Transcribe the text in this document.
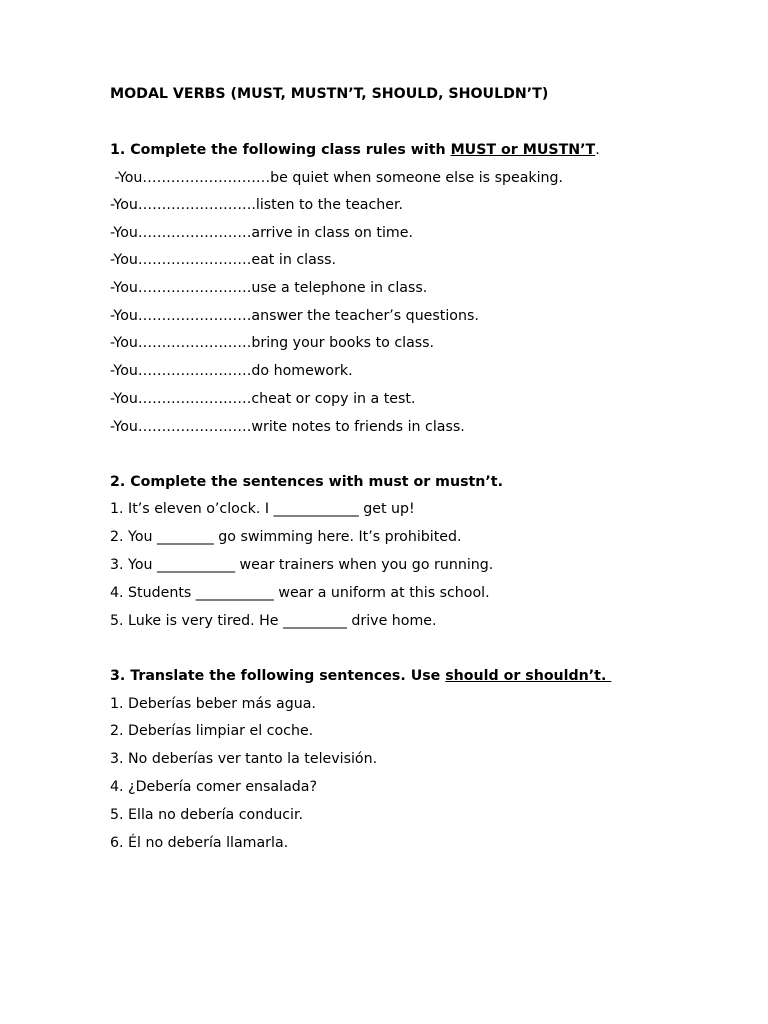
MODAL VERBS (MUST, MUSTN’T, SHOULD, SHOULDN’T)
1. Complete the following class rules with MUST or MUSTN’T.
-You………………………be quiet when someone else is speaking.
-You…………………….listen to the teacher.
-You……………………arrive in class on time.
-You……………………eat in class.
-You……………………use a telephone in class.
-You……………………answer the teacher’s questions.
-You……………………bring your books to class.
-You……………………do homework.
-You……………………cheat or copy in a test.
-You……………………write notes to friends in class.
2. Complete the sentences with must or mustn’t.
1. It’s eleven o’clock. I ____________ get up!
2. You ________ go swimming here. It’s prohibited.
3. You ___________ wear trainers when you go running.
4. Students ___________ wear a uniform at this school.
5. Luke is very tired. He _________ drive home.
3. Translate the following sentences. Use should or shouldn’t.
1. Deberías beber más agua.
2. Deberías limpiar el coche.
3. No deberías ver tanto la televisión.
4. ¿Debería comer ensalada?
5. Ella no debería conducir.
6. Él no debería llamarla.
